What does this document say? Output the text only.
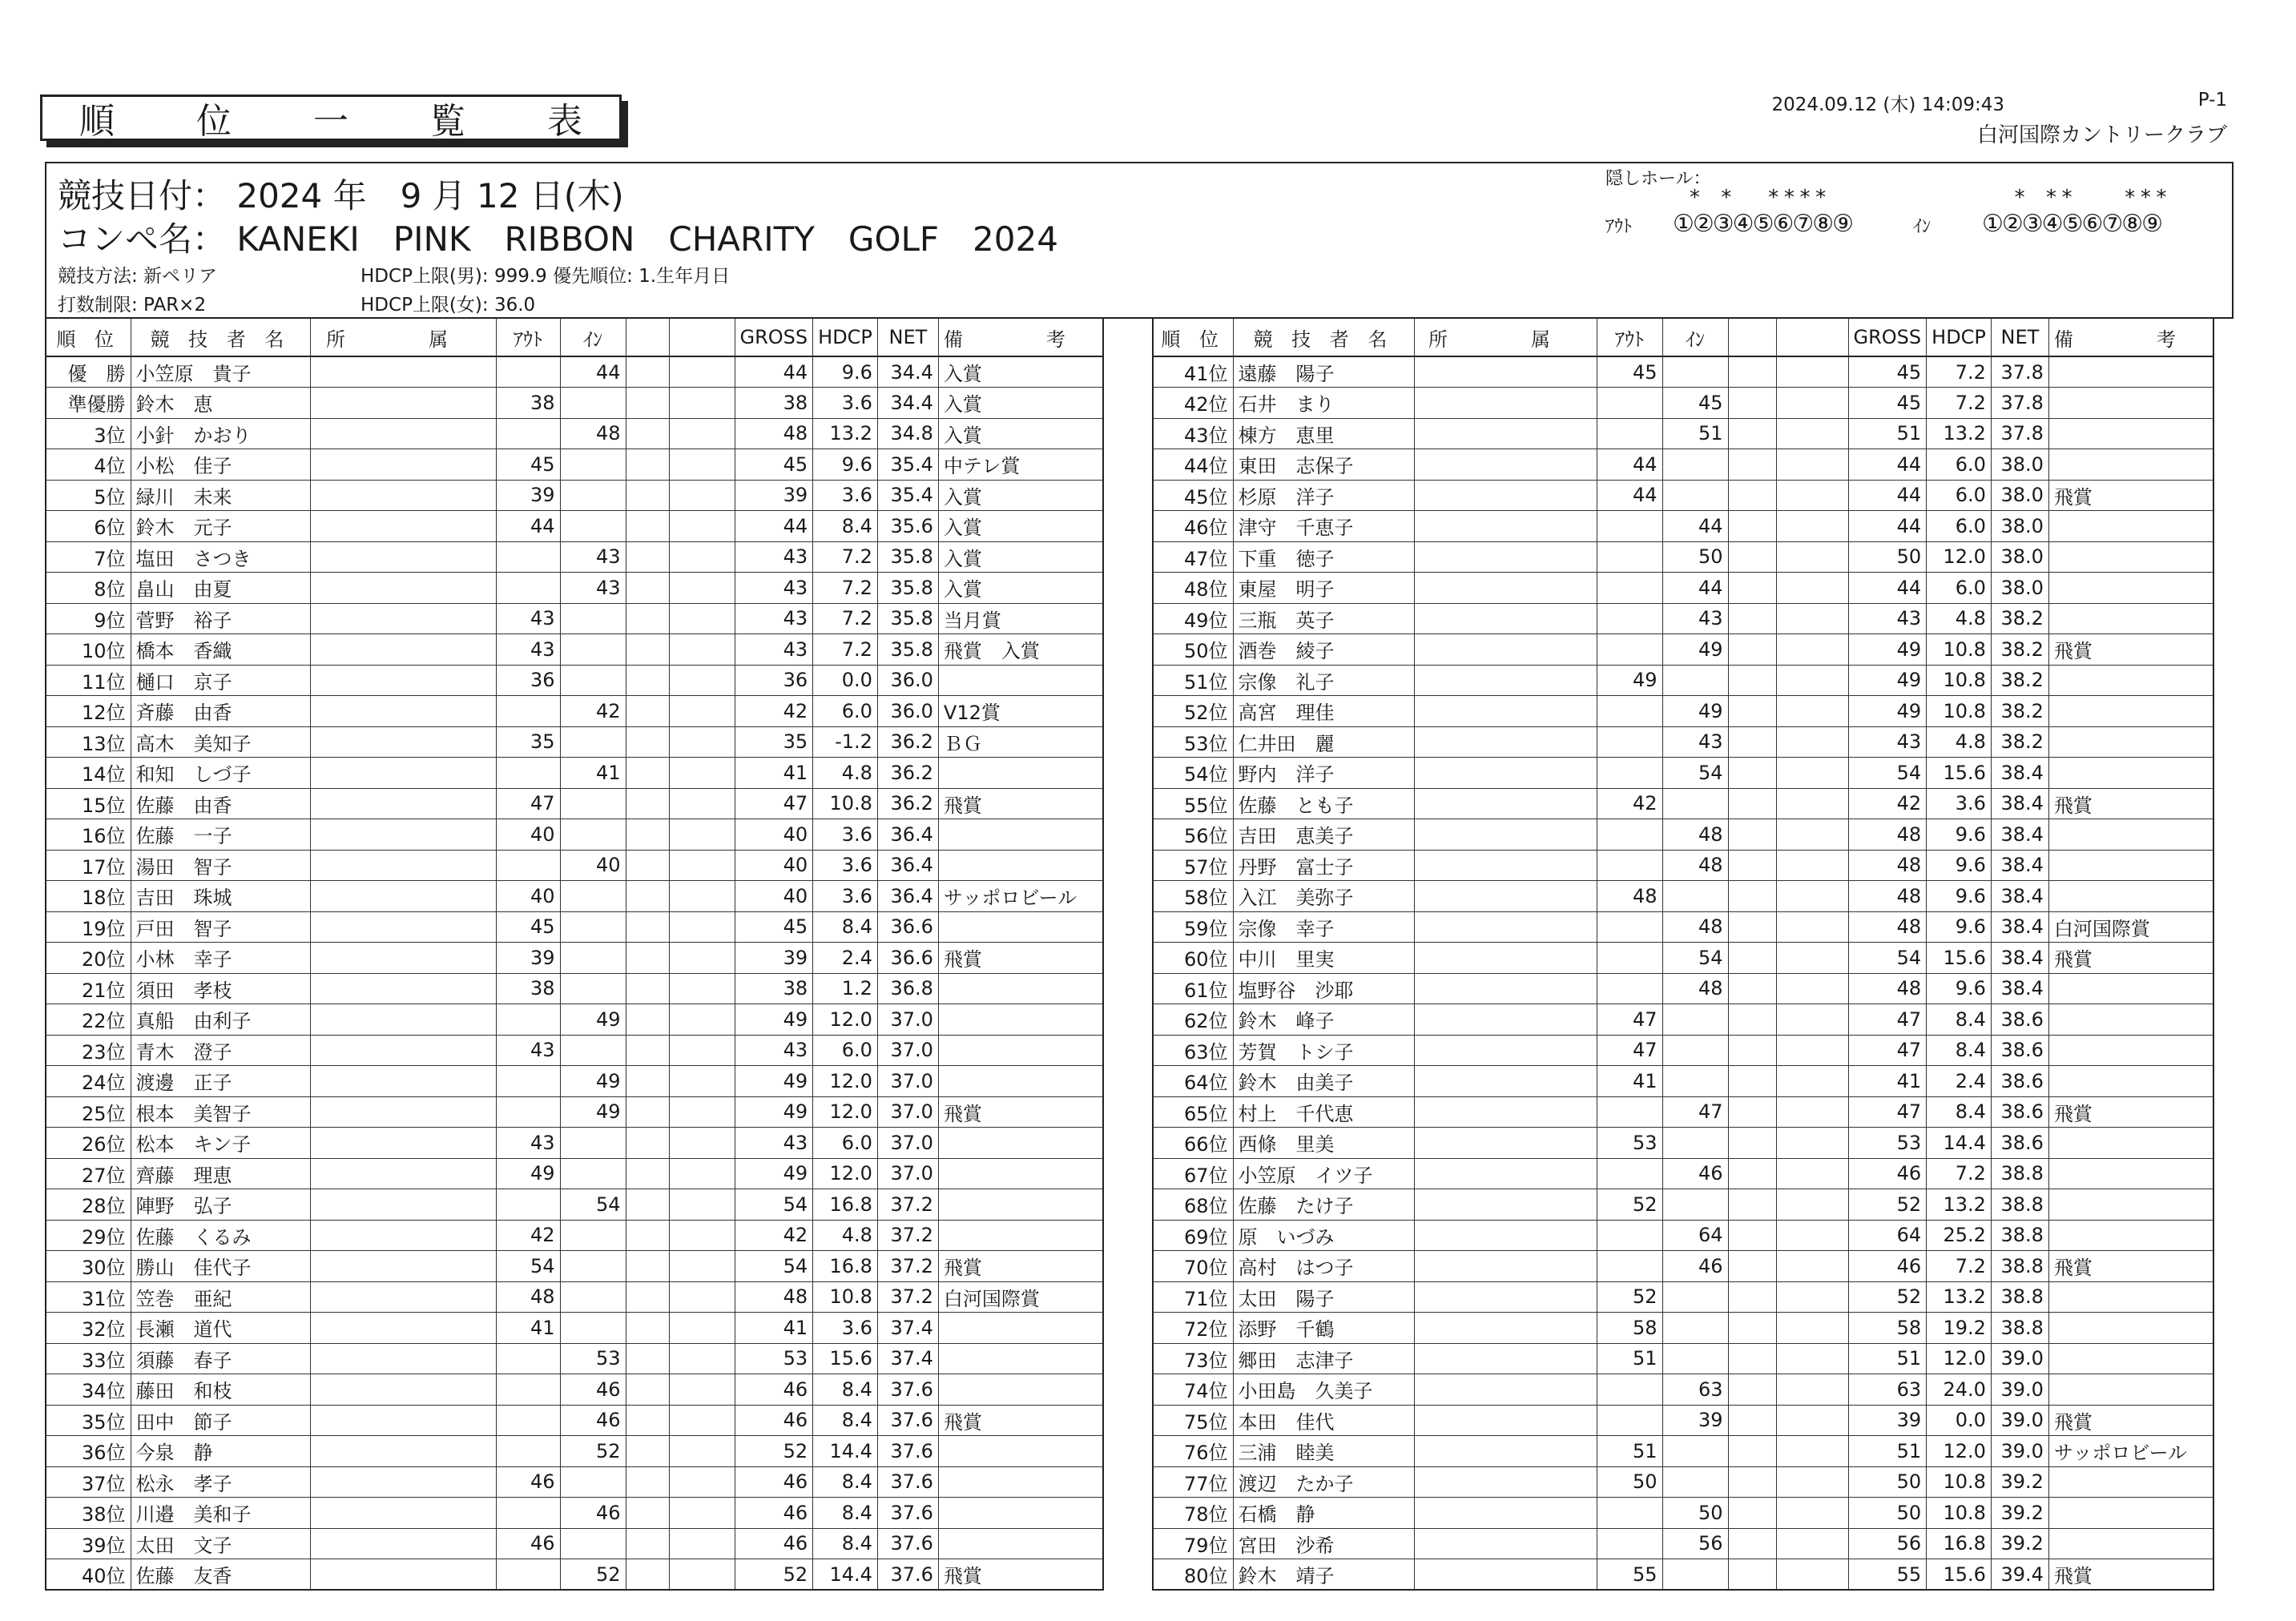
順 位 一 覧 表	2024.09.12 (木) 14:09:43	P-1
白河国際カントリークラブ
競技日付： 2024 年　9 月 12 日(木)
コンペ名： KANEKI　PINK　RIBBON　CHARITY　GOLF　2024
競技方法: 新ペリア
打数制限: PAR×2
HDCP上限(男): 999.9 優先順位: 1.生年月日
HDCP上限(女): 36.0
隠しホール：
ｱｳﾄ
* *  ****
①②③④⑤⑥⑦⑧⑨	ｲﾝ
* **   ***
①②③④⑤⑥⑦⑧⑨
順 位	競 技 者 名	所　属	ｱｳﾄ	ｲﾝ			GROSS	HDCP	NET	備　考
優　勝	小笠原　貴子			44			44	9.6	34.4	入賞
準優勝	鈴木　恵		38				38	3.6	34.4	入賞
3位	小針　かおり			48			48	13.2	34.8	入賞
4位	小松　佳子		45				45	9.6	35.4	中テレ賞
5位	緑川　未来		39				39	3.6	35.4	入賞
6位	鈴木　元子		44				44	8.4	35.6	入賞
7位	塩田　さつき			43			43	7.2	35.8	入賞
8位	畠山　由夏			43			43	7.2	35.8	入賞
9位	菅野　裕子		43				43	7.2	35.8	当月賞
10位	橋本　香織		43				43	7.2	35.8	飛賞　入賞
11位	樋口　京子		36				36	0.0	36.0	
12位	斉藤　由香			42			42	6.0	36.0	V12賞
13位	高木　美知子		35				35	-1.2	36.2	ＢＧ
14位	和知　しづ子			41			41	4.8	36.2	
15位	佐藤　由香		47				47	10.8	36.2	飛賞
16位	佐藤　一子		40				40	3.6	36.4	
17位	湯田　智子			40			40	3.6	36.4	
18位	吉田　珠城		40				40	3.6	36.4	サッポロビール
19位	戸田　智子		45				45	8.4	36.6	
20位	小林　幸子		39				39	2.4	36.6	飛賞
21位	須田　孝枝		38				38	1.2	36.8	
22位	真船　由利子			49			49	12.0	37.0	
23位	青木　澄子		43				43	6.0	37.0	
24位	渡邊　正子			49			49	12.0	37.0	
25位	根本　美智子			49			49	12.0	37.0	飛賞
26位	松本　キン子		43				43	6.0	37.0	
27位	齊藤　理恵		49				49	12.0	37.0	
28位	陣野　弘子			54			54	16.8	37.2	
29位	佐藤　くるみ		42				42	4.8	37.2	
30位	勝山　佳代子		54				54	16.8	37.2	飛賞
31位	笠巻　亜紀		48				48	10.8	37.2	白河国際賞
32位	長瀬　道代		41				41	3.6	37.4	
33位	須藤　春子			53			53	15.6	37.4	
34位	藤田　和枝			46			46	8.4	37.6	
35位	田中　節子			46			46	8.4	37.6	飛賞
36位	今泉　静			52			52	14.4	37.6	
37位	松永　孝子		46				46	8.4	37.6	
38位	川邉　美和子			46			46	8.4	37.6	
39位	太田　文子		46				46	8.4	37.6	
40位	佐藤　友香			52			52	14.4	37.6	飛賞
順 位	競 技 者 名	所　属	ｱｳﾄ	ｲﾝ			GROSS	HDCP	NET	備　考
41位	遠藤　陽子		45				45	7.2	37.8	
42位	石井　まり			45			45	7.2	37.8	
43位	棟方　恵里			51			51	13.2	37.8	
44位	東田　志保子		44				44	6.0	38.0	
45位	杉原　洋子		44				44	6.0	38.0	飛賞
46位	津守　千恵子			44			44	6.0	38.0	
47位	下重　徳子			50			50	12.0	38.0	
48位	東屋　明子			44			44	6.0	38.0	
49位	三瓶　英子			43			43	4.8	38.2	
50位	酒巻　綾子			49			49	10.8	38.2	飛賞
51位	宗像　礼子		49				49	10.8	38.2	
52位	高宮　理佳			49			49	10.8	38.2	
53位	仁井田　麗			43			43	4.8	38.2	
54位	野内　洋子			54			54	15.6	38.4	
55位	佐藤　とも子		42				42	3.6	38.4	飛賞
56位	吉田　恵美子			48			48	9.6	38.4	
57位	丹野　富士子			48			48	9.6	38.4	
58位	入江　美弥子		48				48	9.6	38.4	
59位	宗像　幸子			48			48	9.6	38.4	白河国際賞
60位	中川　里実			54			54	15.6	38.4	飛賞
61位	塩野谷　沙耶			48			48	9.6	38.4	
62位	鈴木　峰子		47				47	8.4	38.6	
63位	芳賀　トシ子		47				47	8.4	38.6	
64位	鈴木　由美子		41				41	2.4	38.6	
65位	村上　千代恵			47			47	8.4	38.6	飛賞
66位	西條　里美		53				53	14.4	38.6	
67位	小笠原　イツ子			46			46	7.2	38.8	
68位	佐藤　たけ子		52				52	13.2	38.8	
69位	原　いづみ			64			64	25.2	38.8	
70位	高村　はつ子			46			46	7.2	38.8	飛賞
71位	太田　陽子		52				52	13.2	38.8	
72位	添野　千鶴		58				58	19.2	38.8	
73位	郷田　志津子		51				51	12.0	39.0	
74位	小田島　久美子			63			63	24.0	39.0	
75位	本田　佳代			39			39	0.0	39.0	飛賞
76位	三浦　睦美		51				51	12.0	39.0	サッポロビール
77位	渡辺　たか子		50				50	10.8	39.2	
78位	石橋　静			50			50	10.8	39.2	
79位	宮田　沙希			56			56	16.8	39.2	
80位	鈴木　靖子		55				55	15.6	39.4	飛賞
